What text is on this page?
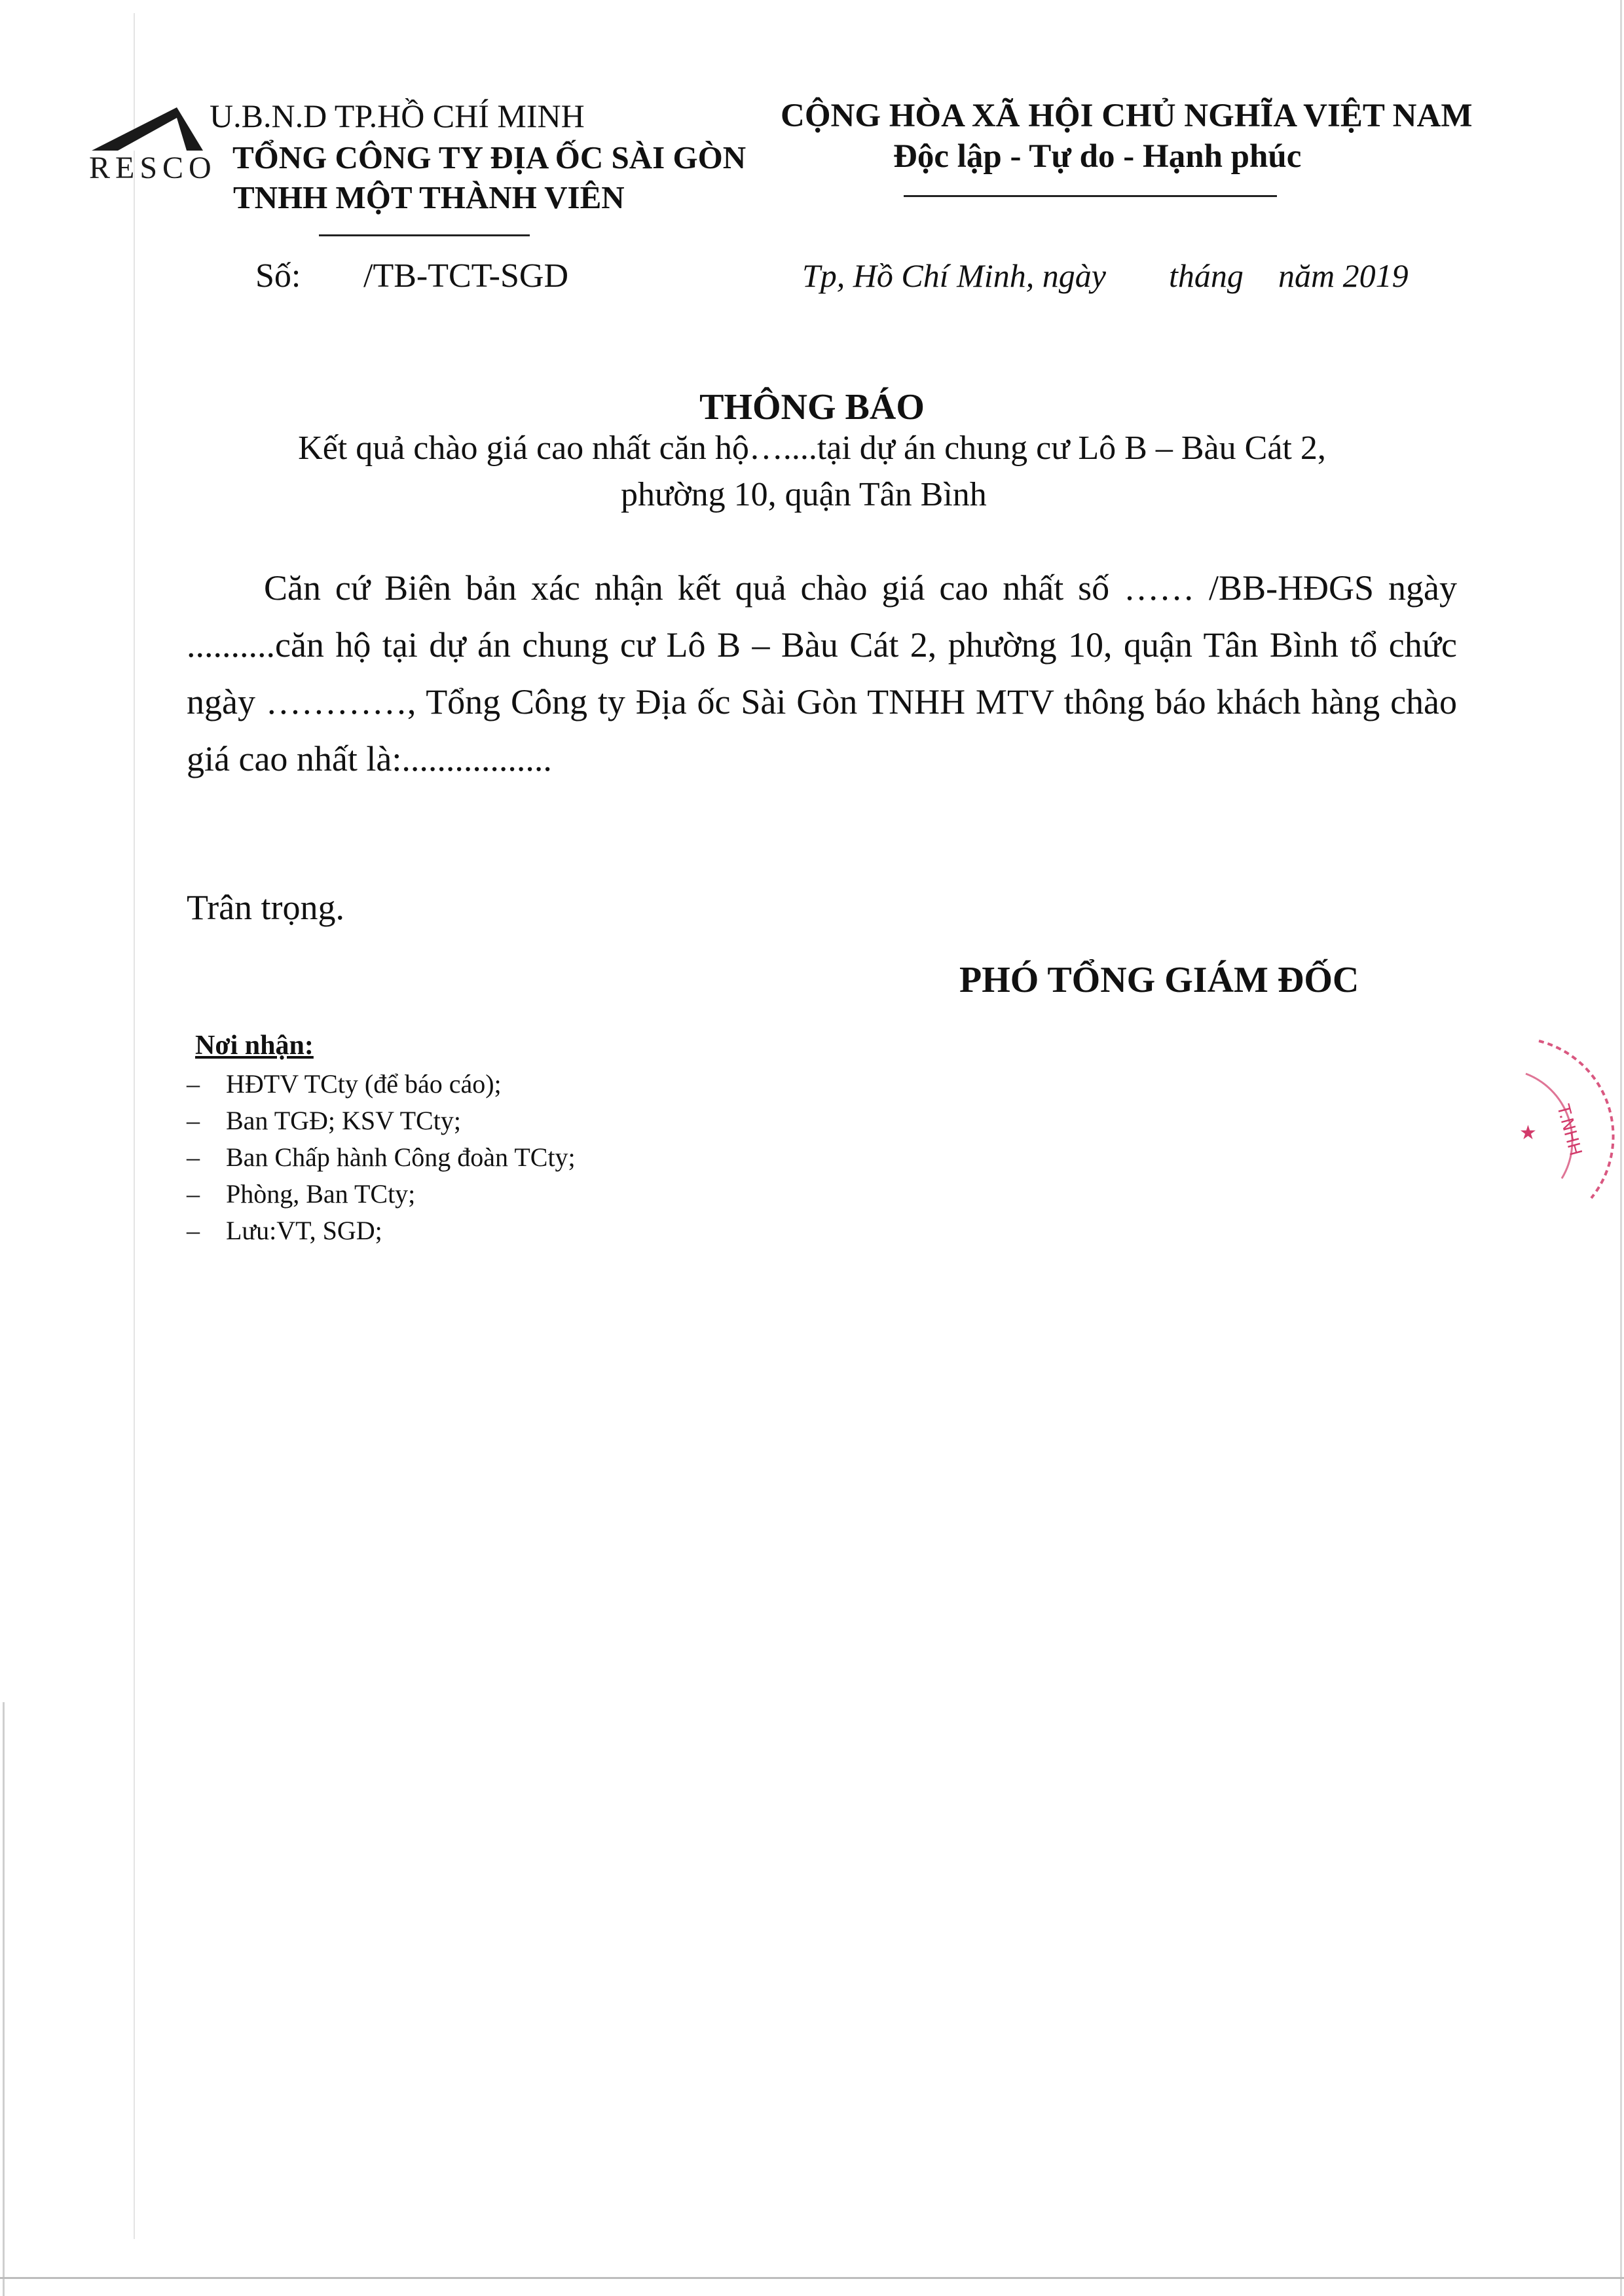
RESCO
U.B.N.D TP.HỒ CHÍ MINH
TỔNG CÔNG TY ĐỊA ỐC SÀI GÒN
TNHH MỘT THÀNH VIÊN
CỘNG HÒA XÃ HỘI CHỦ NGHĨA VIỆT NAM
Độc lập - Tự do - Hạnh phúc
Số: /TB-TCT-SGD	Tp, Hồ Chí Minh, ngày tháng năm 2019
THÔNG BÁO
Kết quả chào giá cao nhất căn hộ…....tại dự án chung cư Lô B – Bàu Cát 2,
phường 10, quận Tân Bình
Căn cứ Biên bản xác nhận kết quả chào giá cao nhất số …… /BB-HĐGS ngày ..........căn hộ tại dự án chung cư Lô B – Bàu Cát 2, phường 10, quận Tân Bình tổ chức ngày …………, Tổng Công ty Địa ốc Sài Gòn TNHH MTV thông báo khách hàng chào giá cao nhất là:.................
Trân trọng.
PHÓ TỔNG GIÁM ĐỐC
Nơi nhận:
– HĐTV TCty (để báo cáo);
– Ban TGĐ; KSV TCty;
– Ban Chấp hành Công đoàn TCty;
– Phòng, Ban TCty;
– Lưu:VT, SGD;
T.NHH
★
